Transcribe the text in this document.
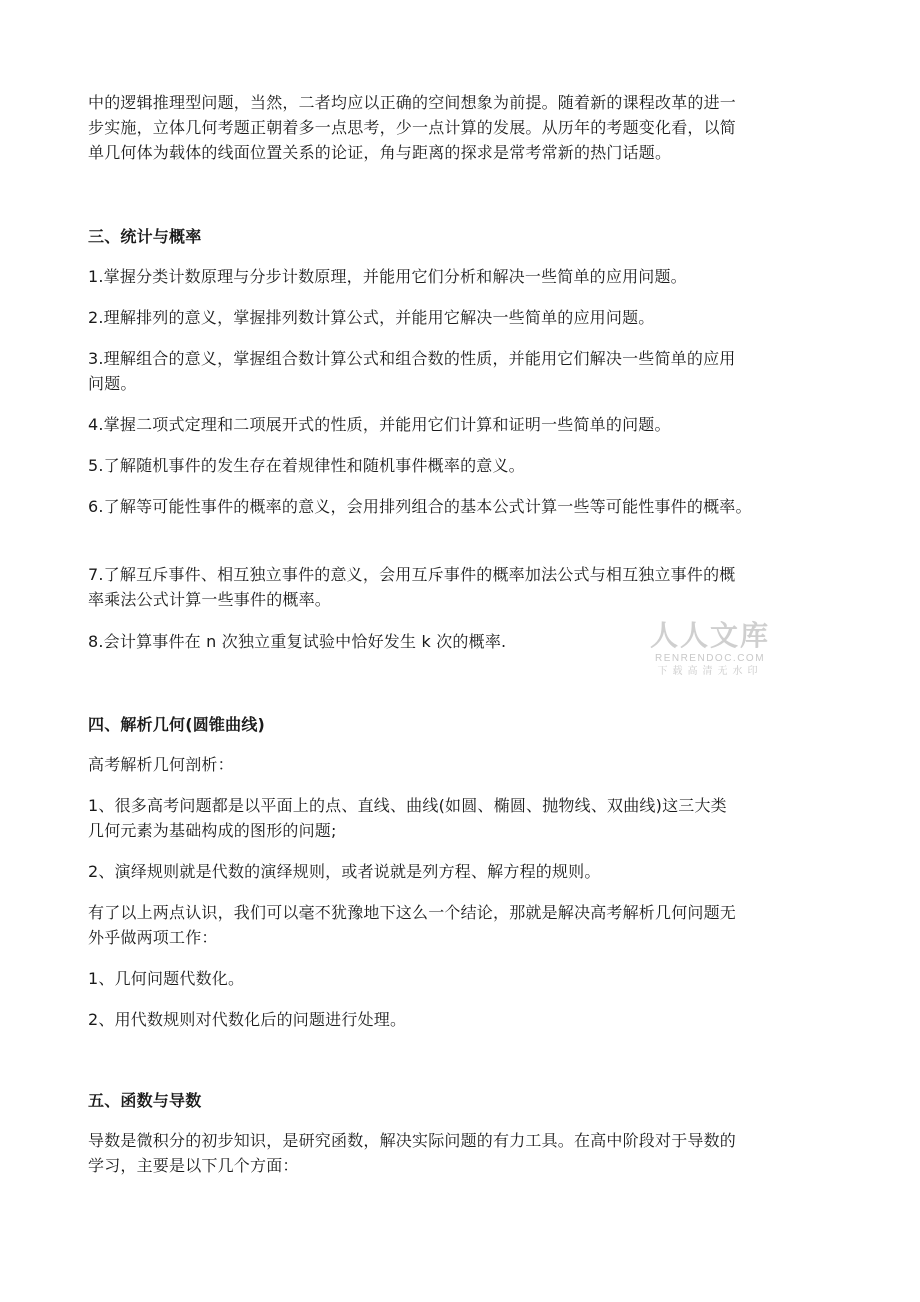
中的逻辑推理型问题，当然，二者均应以正确的空间想象为前提。随着新的课程改革的进一
步实施，立体几何考题正朝着多一点思考，少一点计算的发展。从历年的考题变化看，以简
单几何体为载体的线面位置关系的论证，角与距离的探求是常考常新的热门话题。

三、统计与概率

1.掌握分类计数原理与分步计数原理，并能用它们分析和解决一些简单的应用问题。

2.理解排列的意义，掌握排列数计算公式，并能用它解决一些简单的应用问题。

3.理解组合的意义，掌握组合数计算公式和组合数的性质，并能用它们解决一些简单的应用
问题。

4.掌握二项式定理和二项展开式的性质，并能用它们计算和证明一些简单的问题。

5.了解随机事件的发生存在着规律性和随机事件概率的意义。

6.了解等可能性事件的概率的意义，会用排列组合的基本公式计算一些等可能性事件的概率。

7.了解互斥事件、相互独立事件的意义，会用互斥事件的概率加法公式与相互独立事件的概
率乘法公式计算一些事件的概率。

8.会计算事件在 n 次独立重复试验中恰好发生 k 次的概率.	人人文库
RENRENDOC.COM
下载高清无水印

四、解析几何(圆锥曲线)

高考解析几何剖析：

1、很多高考问题都是以平面上的点、直线、曲线(如圆、椭圆、抛物线、双曲线)这三大类
几何元素为基础构成的图形的问题;

2、演绎规则就是代数的演绎规则，或者说就是列方程、解方程的规则。

有了以上两点认识，我们可以毫不犹豫地下这么一个结论，那就是解决高考解析几何问题无
外乎做两项工作：

1、几何问题代数化。

2、用代数规则对代数化后的问题进行处理。

五、函数与导数

导数是微积分的初步知识，是研究函数，解决实际问题的有力工具。在高中阶段对于导数的
学习，主要是以下几个方面：
